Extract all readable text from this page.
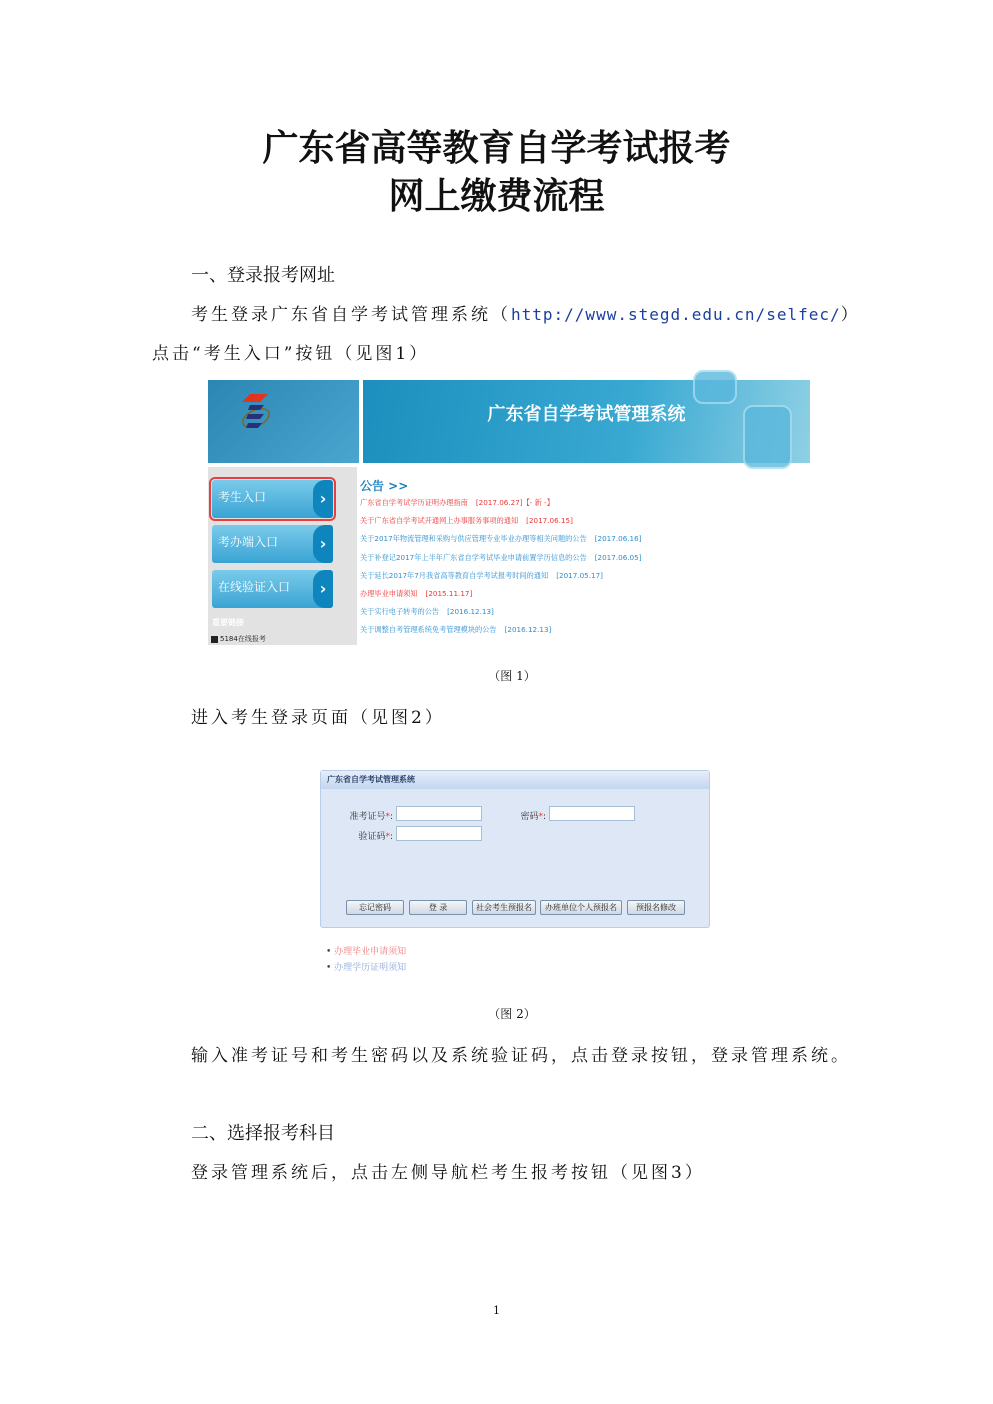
广东省高等教育自学考试报考
网上缴费流程
一、登录报考网址
考生登录广东省自学考试管理系统（http://www.stegd.edu.cn/selfec/）
点击“考生入口”按钮（见图1）
广东省自学考试管理系统
考生入口	›
考办端入口	›
在线验证入口	›
重要链接
5184在线报考
公告 >>
广东省自学考试学历证明办理指南 [2017.06.27]【- 新 -】
关于广东省自学考试开通网上办事服务事项的通知 [2017.06.15]
关于2017年物流管理和采购与供应管理专业毕业办理等相关问题的公告 [2017.06.16]
关于补登记2017年上半年广东省自学考试毕业申请前置学历信息的公告 [2017.06.05]
关于延长2017年7月我省高等教育自学考试报考时间的通知 [2017.05.17]
办理毕业申请须知 [2015.11.17]
关于实行电子转考的公告 [2016.12.13]
关于调整自考管理系统免考管理模块的公告 [2016.12.13]
（图 1）
进入考生登录页面（见图2）
广东省自学考试管理系统
准考证号*:	密码*:
验证码*:
忘记密码	登 录	社会考生预报名	办班单位个人预报名	预报名修改
• 办理毕业申请须知
• 办理学历证明须知
（图 2）
输入准考证号和考生密码以及系统验证码，点击登录按钮，登录管理系统。
二、选择报考科目
登录管理系统后，点击左侧导航栏考生报考按钮（见图3）
1
